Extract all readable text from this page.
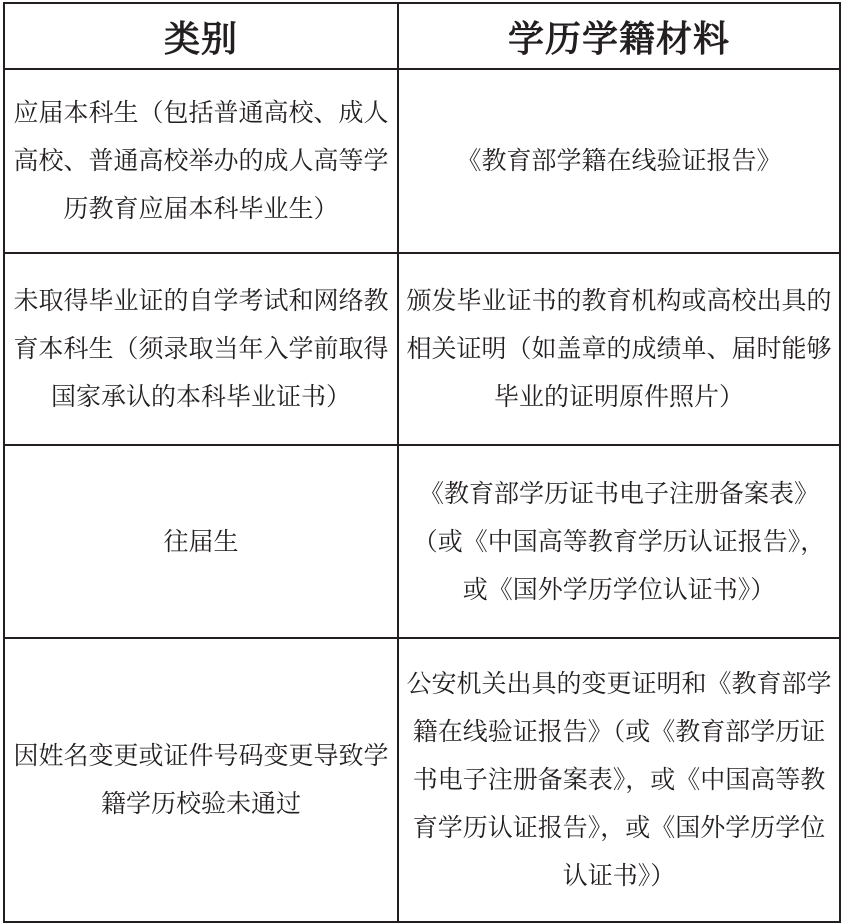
类别	学历学籍材料
应届本科生（包括普通高校、成人高校、普通高校举办的成人高等学历教育应届本科毕业生）	《教育部学籍在线验证报告》
未取得毕业证的自学考试和网络教育本科生（须录取当年入学前取得国家承认的本科毕业证书）	颁发毕业证书的教育机构或高校出具的相关证明（如盖章的成绩单、届时能够毕业的证明原件照片）
往届生	《教育部学历证书电子注册备案表》（或《中国高等教育学历认证报告》，或《国外学历学位认证书》）
因姓名变更或证件号码变更导致学籍学历校验未通过	公安机关出具的变更证明和《教育部学籍在线验证报告》（或《教育部学历证书电子注册备案表》，或《中国高等教育学历认证报告》，或《国外学历学位认证书》）
